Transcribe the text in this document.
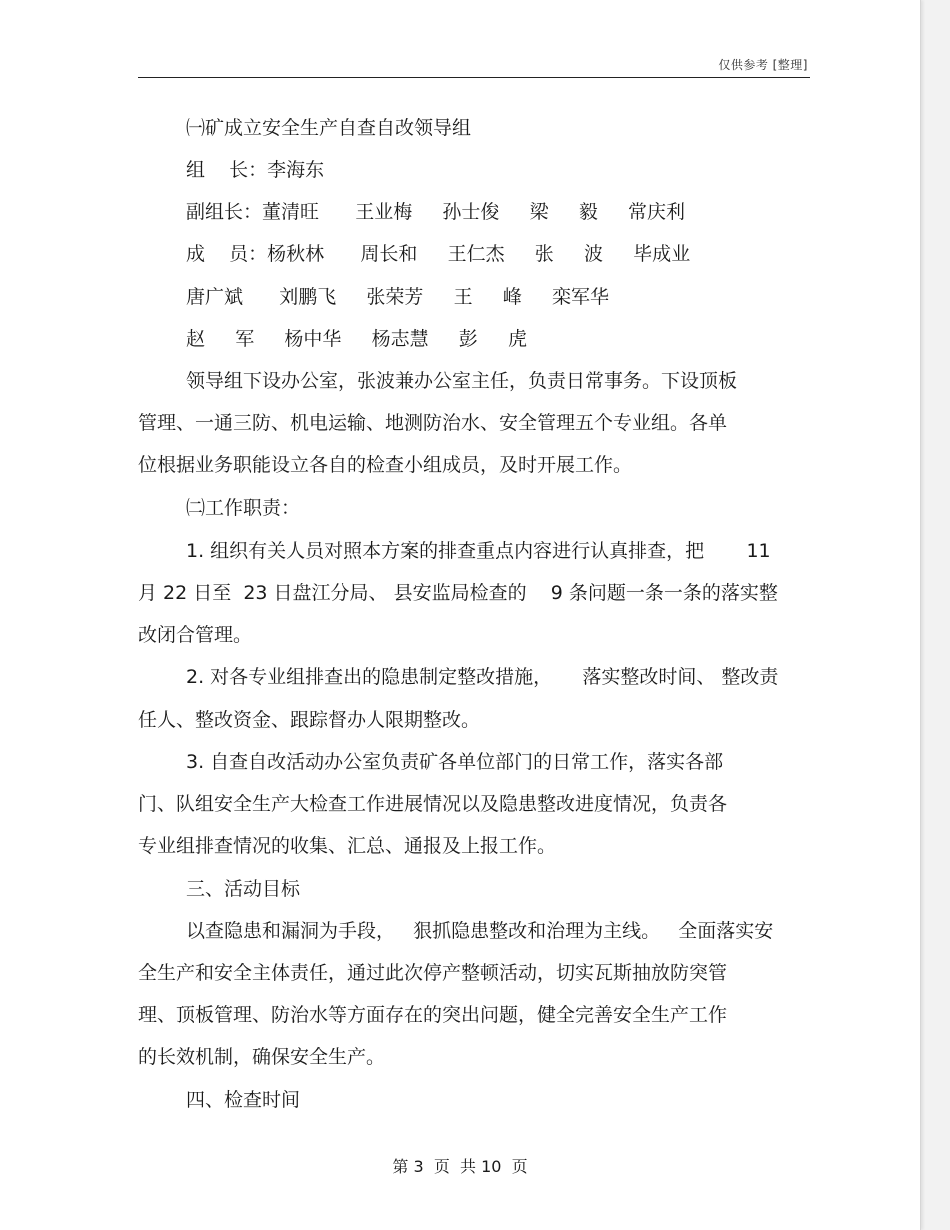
仅供参考 [整理]
㈠矿成立安全生产自查自改领导组
组    长：李海东
副组长：董清旺      王业梅     孙士俊     梁     毅     常庆利
成    员：杨秋林      周长和     王仁杰     张     波     毕成业
唐广斌      刘鹏飞     张荣芳     王     峰     栾军华
赵     军     杨中华     杨志慧     彭     虎
领导组下设办公室，张波兼办公室主任，负责日常事务。下设顶板
管理、一通三防、机电运输、地测防治水、安全管理五个专业组。各单
位根据业务职能设立各自的检查小组成员，及时开展工作。
㈡工作职责：
1. 组织有关人员对照本方案的排查重点内容进行认真排查，把       11
月 22 日至  23 日盘江分局、 县安监局检查的    9 条问题一条一条的落实整
改闭合管理。
2. 对各专业组排查出的隐患制定整改措施，     落实整改时间、 整改责
任人、整改资金、跟踪督办人限期整改。
3. 自查自改活动办公室负责矿各单位部门的日常工作，落实各部
门、队组安全生产大检查工作进展情况以及隐患整改进度情况，负责各
专业组排查情况的收集、汇总、通报及上报工作。
三、活动目标
以查隐患和漏洞为手段，   狠抓隐患整改和治理为主线。   全面落实安
全生产和安全主体责任，通过此次停产整顿活动，切实瓦斯抽放防突管
理、顶板管理、防治水等方面存在的突出问题，健全完善安全生产工作
的长效机制，确保安全生产。
四、检查时间
第 3  页  共 10  页
